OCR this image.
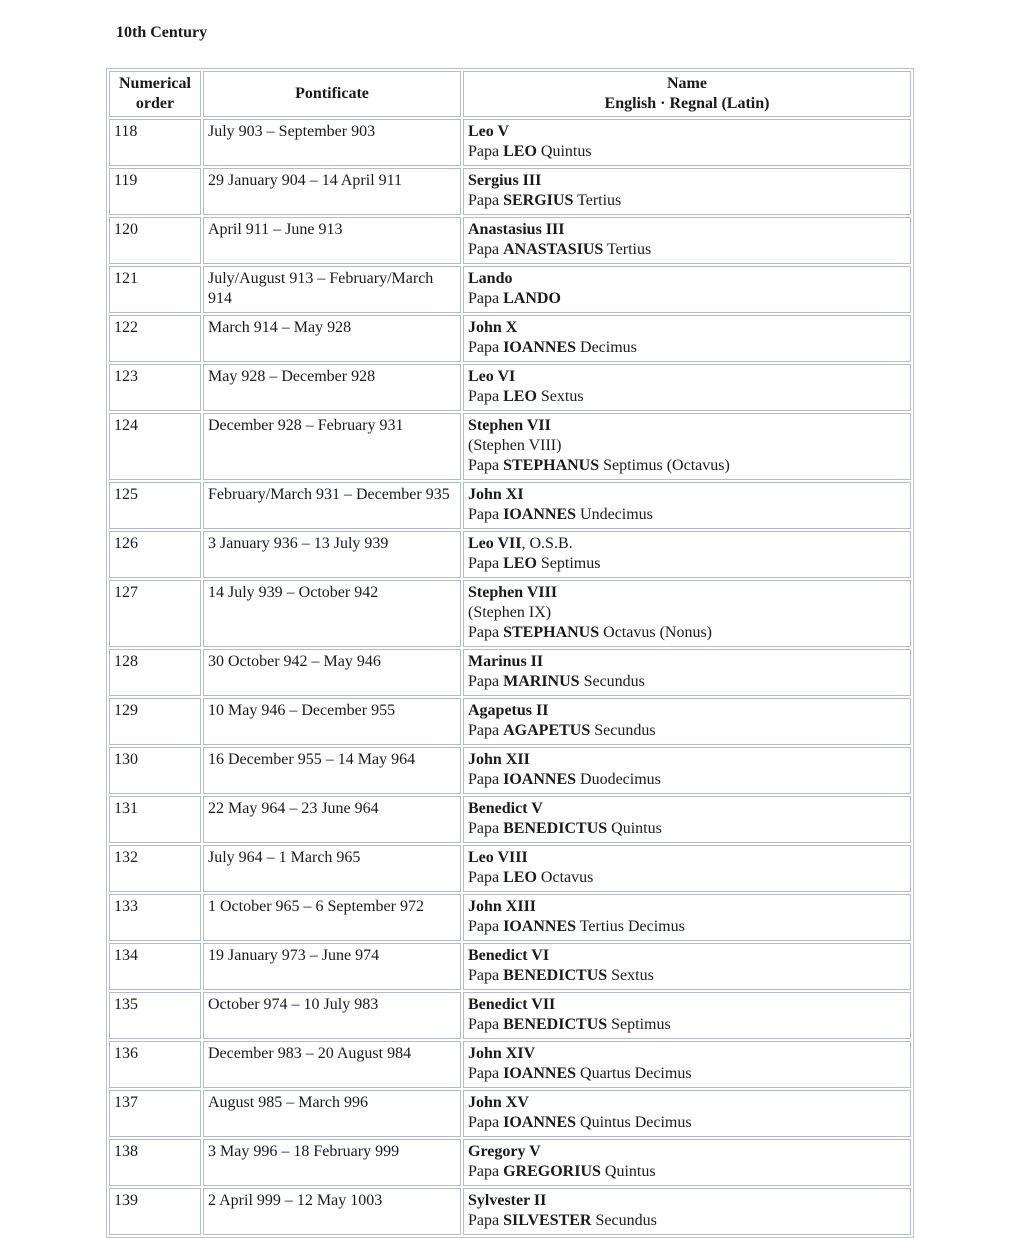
10th Century
Numerical
order	Pontificate	Name
English · Regnal (Latin)
118	July 903 – September 903	Leo V
Papa LEO Quintus

119	29 January 904 – 14 April 911	Sergius III
Papa SERGIUS Tertius

120	April 911 – June 913	Anastasius III
Papa ANASTASIUS Tertius

121	July/August 913 – February/March 914	Lando
Papa LANDO

122	March 914 – May 928	John X
Papa IOANNES Decimus

123	May 928 – December 928	Leo VI
Papa LEO Sextus

124	December 928 – February 931	Stephen VII
(Stephen VIII)
Papa STEPHANUS Septimus (Octavus)

125	February/March 931 – December 935	John XI
Papa IOANNES Undecimus

126	3 January 936 – 13 July 939	Leo VII, O.S.B.
Papa LEO Septimus

127	14 July 939 – October 942	Stephen VIII
(Stephen IX)
Papa STEPHANUS Octavus (Nonus)

128	30 October 942 – May 946	Marinus II
Papa MARINUS Secundus

129	10 May 946 – December 955	Agapetus II
Papa AGAPETUS Secundus

130	16 December 955 – 14 May 964	John XII
Papa IOANNES Duodecimus

131	22 May 964 – 23 June 964	Benedict V
Papa BENEDICTUS Quintus

132	July 964 – 1 March 965	Leo VIII
Papa LEO Octavus

133	1 October 965 – 6 September 972	John XIII
Papa IOANNES Tertius Decimus

134	19 January 973 – June 974	Benedict VI
Papa BENEDICTUS Sextus

135	October 974 – 10 July 983	Benedict VII
Papa BENEDICTUS Septimus

136	December 983 – 20 August 984	John XIV
Papa IOANNES Quartus Decimus

137	August 985 – March 996	John XV
Papa IOANNES Quintus Decimus

138	3 May 996 – 18 February 999	Gregory V
Papa GREGORIUS Quintus

139	2 April 999 – 12 May 1003	Sylvester II
Papa SILVESTER Secundus
